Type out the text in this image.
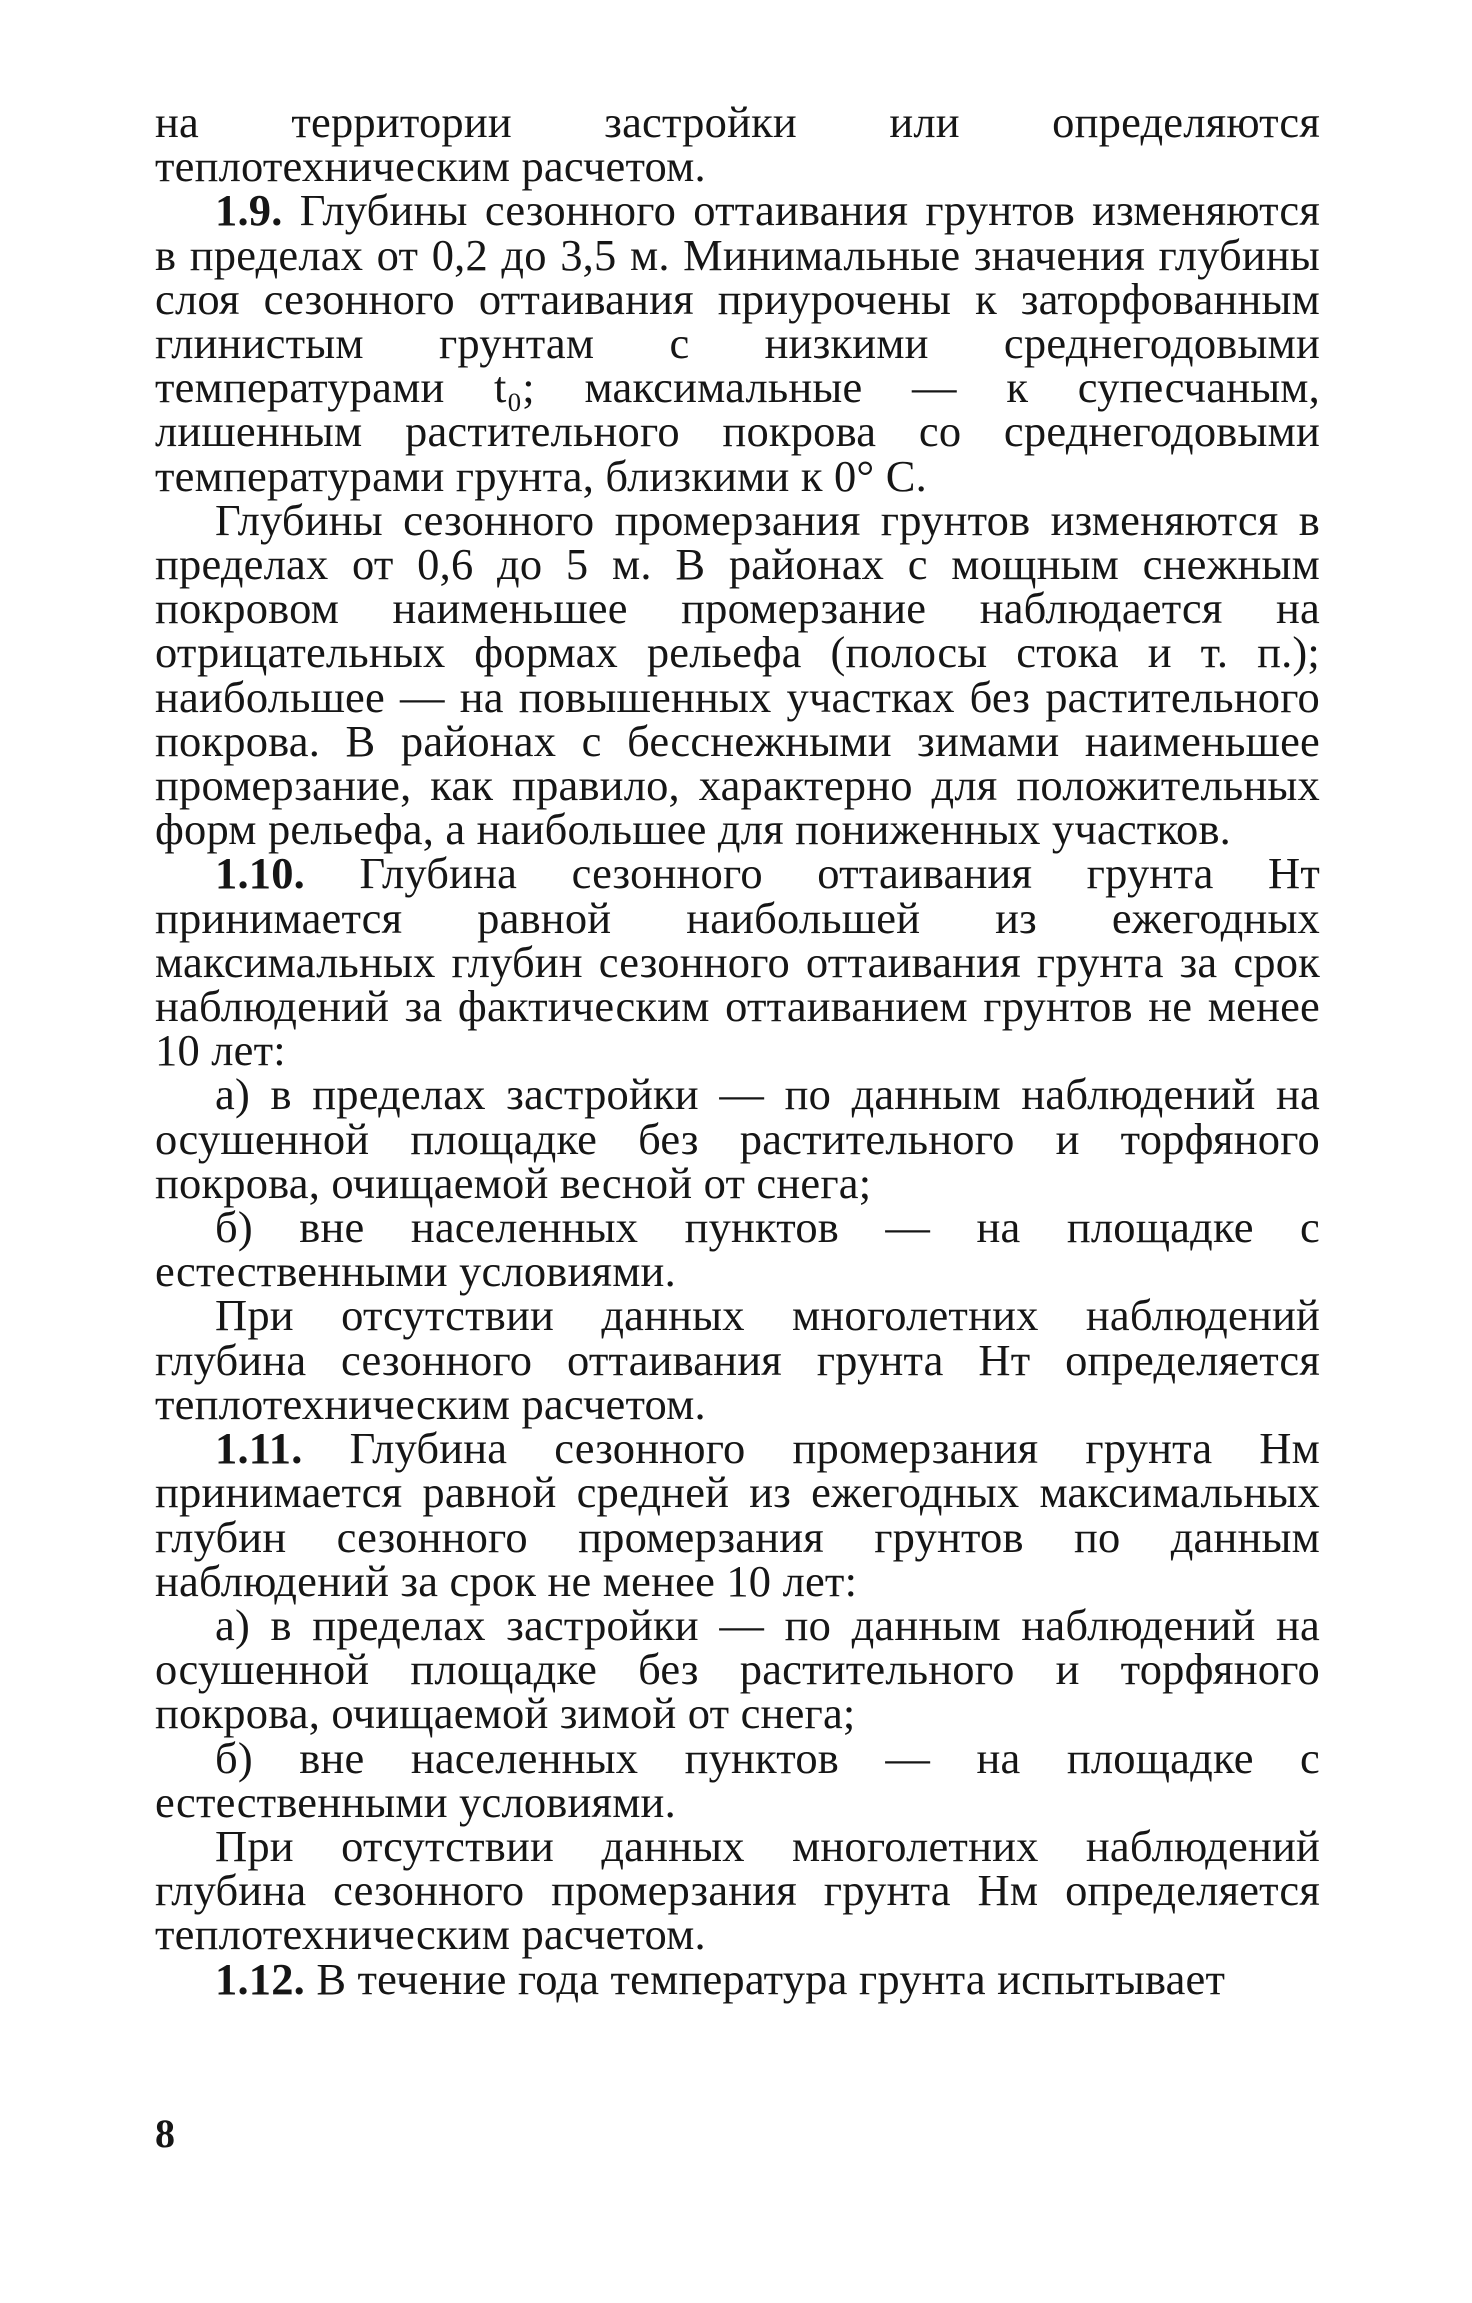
на территории застройки или определяются теплотехническим расчетом.

1.9. Глубины сезонного оттаивания грунтов изменяются в пределах от 0,2 до 3,5 м. Минимальные значения глубины слоя сезонного оттаивания приурочены к заторфованным глинистым грунтам с низкими среднегодовыми температурами t₀; максимальные — к супесчаным, лишенным растительного покрова со среднегодовыми температурами грунта, близкими к 0° С.

Глубины сезонного промерзания грунтов изменяются в пределах от 0,6 до 5 м. В районах с мощным снежным покровом наименьшее промерзание наблюдается на отрицательных формах рельефа (полосы стока и т. п.); наибольшее — на повышенных участках без растительного покрова. В районах с бесснежными зимами наименьшее промерзание, как правило, характерно для положительных форм рельефа, а наибольшее для пониженных участков.

1.10. Глубина сезонного оттаивания грунта Hт принимается равной наибольшей из ежегодных максимальных глубин сезонного оттаивания грунта за срок наблюдений за фактическим оттаиванием грунтов не менее 10 лет:

а) в пределах застройки — по данным наблюдений на осушенной площадке без растительного и торфяного покрова, очищаемой весной от снега;

б) вне населенных пунктов — на площадке с естественными условиями.

При отсутствии данных многолетних наблюдений глубина сезонного оттаивания грунта Hт определяется теплотехническим расчетом.

1.11. Глубина сезонного промерзания грунта Hм принимается равной средней из ежегодных максимальных глубин сезонного промерзания грунтов по данным наблюдений за срок не менее 10 лет:

а) в пределах застройки — по данным наблюдений на осушенной площадке без растительного и торфяного покрова, очищаемой зимой от снега;

б) вне населенных пунктов — на площадке с естественными условиями.

При отсутствии данных многолетних наблюдений глубина сезонного промерзания грунта Hм определяется теплотехническим расчетом.

1.12. В течение года температура грунта испытывает

8
